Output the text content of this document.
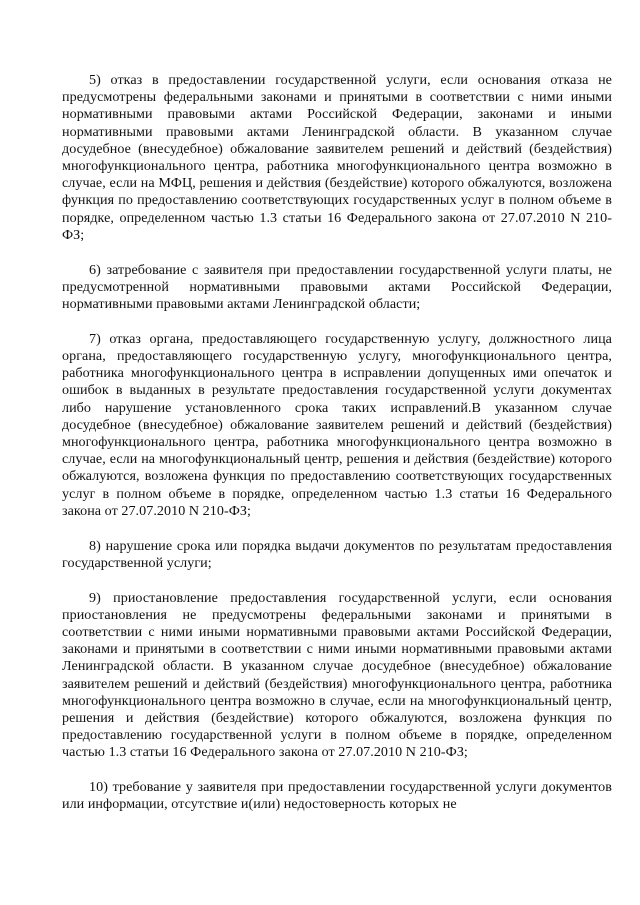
5) отказ в предоставлении государственной услуги, если основания отказа не предусмотрены федеральными законами и принятыми в соответствии с ними иными нормативными правовыми актами Российской Федерации, законами и иными нормативными правовыми актами Ленинградской области. В указанном случае досудебное (внесудебное) обжалование заявителем решений и действий (бездействия) многофункционального центра, работника многофункционального центра возможно в случае, если на МФЦ, решения и действия (бездействие) которого обжалуются, возложена функция по предоставлению соответствующих государственных услуг в полном объеме в порядке, определенном частью 1.3 статьи 16 Федерального закона от 27.07.2010 N 210-ФЗ;

6) затребование с заявителя при предоставлении государственной услуги платы, не предусмотренной нормативными правовыми актами Российской Федерации, нормативными правовыми актами Ленинградской области;

7) отказ органа, предоставляющего государственную услугу, должностного лица органа, предоставляющего государственную услугу, многофункционального центра, работника многофункционального центра в исправлении допущенных ими опечаток и ошибок в выданных в результате предоставления государственной услуги документах либо нарушение установленного срока таких исправлений.В указанном случае досудебное (внесудебное) обжалование заявителем решений и действий (бездействия) многофункционального центра, работника многофункционального центра возможно в случае, если на многофункциональный центр, решения и действия (бездействие) которого обжалуются, возложена функция по предоставлению соответствующих государственных услуг в полном объеме в порядке, определенном частью 1.3 статьи 16 Федерального закона от 27.07.2010 N 210-ФЗ;

8) нарушение срока или порядка выдачи документов по результатам предоставления государственной услуги;

9) приостановление предоставления государственной услуги, если основания приостановления не предусмотрены федеральными законами и принятыми в соответствии с ними иными нормативными правовыми актами Российской Федерации, законами и принятыми в соответствии с ними иными нормативными правовыми актами Ленинградской области. В указанном случае досудебное (внесудебное) обжалование заявителем решений и действий (бездействия) многофункционального центра, работника многофункционального центра возможно в случае, если на многофункциональный центр, решения и действия (бездействие) которого обжалуются, возложена функция по предоставлению государственной услуги в полном объеме в порядке, определенном частью 1.3 статьи 16 Федерального закона от 27.07.2010 N 210-ФЗ;

10) требование у заявителя при предоставлении государственной услуги документов или информации, отсутствие и(или) недостоверность которых не
